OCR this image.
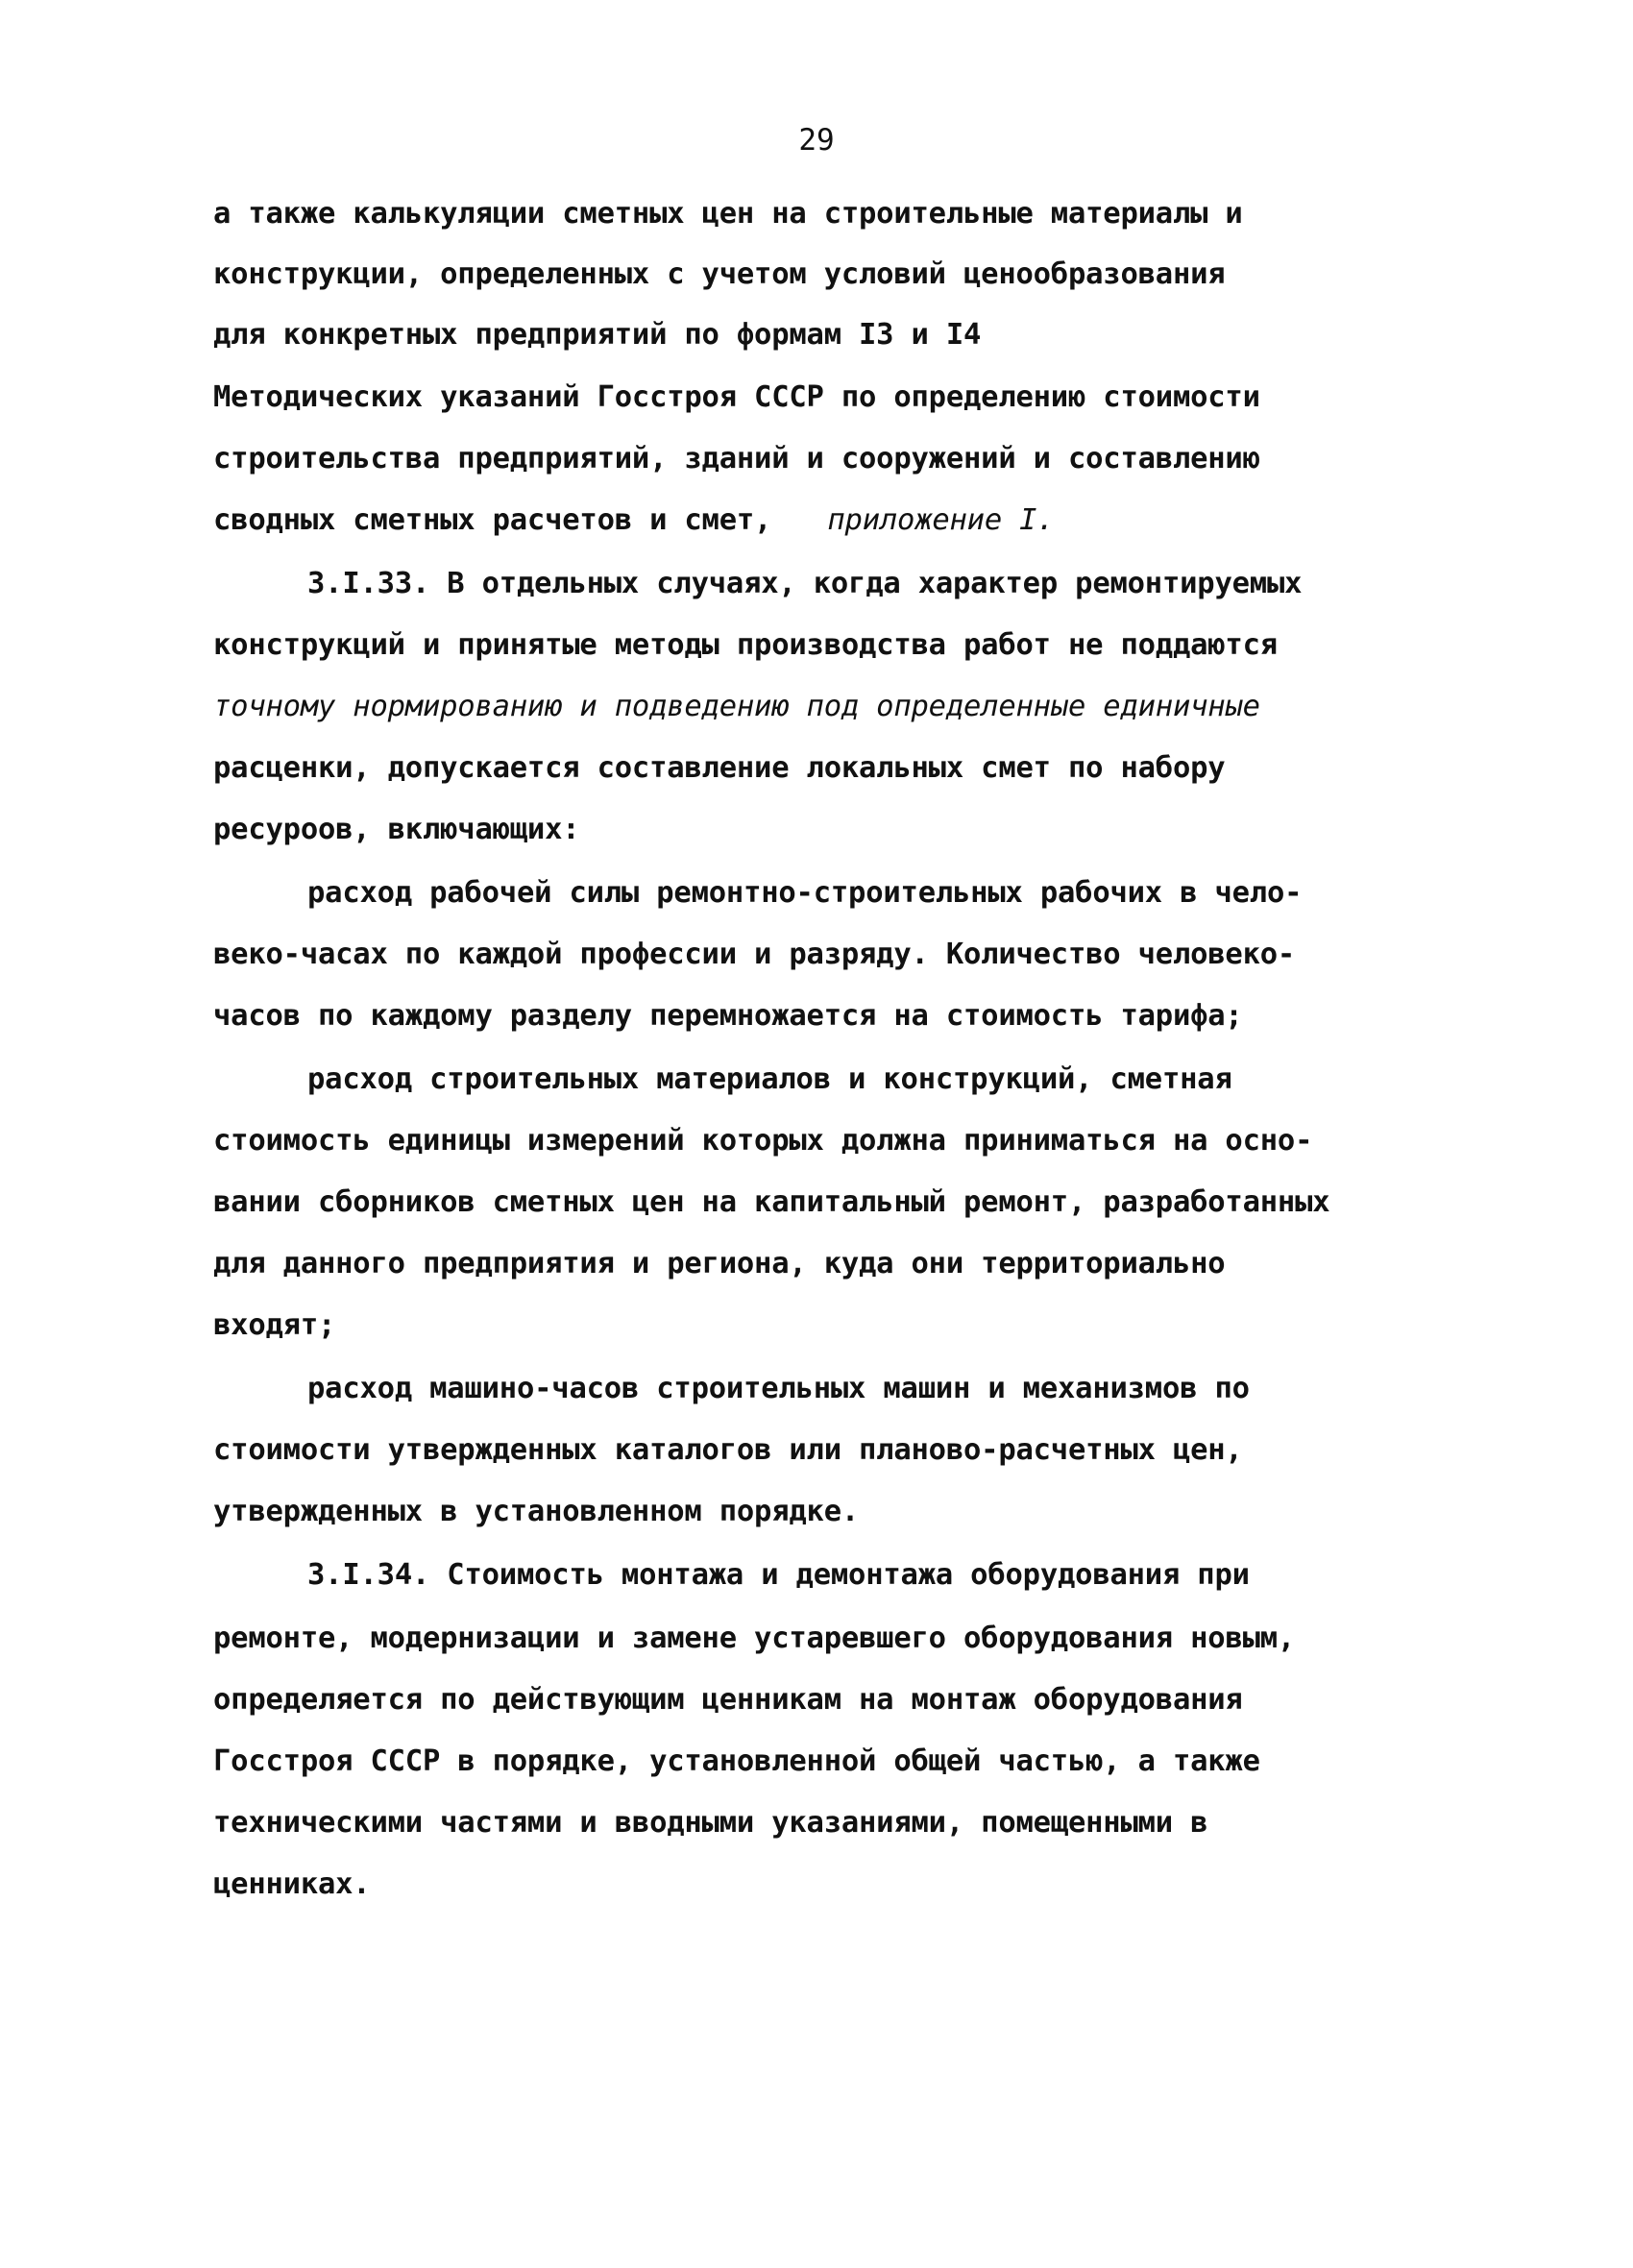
29
а также калькуляции сметных цен на строительные материалы и
конструкции, определенных с учетом условий ценообразования
для конкретных предприятий по формам I3 и I4
Методических указаний Госстроя СССР по определению стоимости
строительства предприятий, зданий и сооружений и составлению
сводных сметных расчетов и смет, приложение I.
3.I.33. В отдельных случаях, когда характер ремонтируемых
конструкций и принятые методы производства работ не поддаются
точному нормированию и подведению под определенные единичные
расценки, допускается составление локальных смет по набору
ресуроов, включающих:
расход рабочей силы ремонтно-строительных рабочих в чело-
веко-часах по каждой профессии и разряду. Количество человеко-
часов по каждому разделу перемножается на стоимость тарифа;
расход строительных материалов и конструкций, сметная
стоимость единицы измерений которых должна приниматься на осно-
вании сборников сметных цен на капитальный ремонт, разработанных
для данного предприятия и региона, куда они территориально
входят;
расход машино-часов строительных машин и механизмов по
стоимости утвержденных каталогов или планово-расчетных цен,
утвержденных в установленном порядке.
3.I.34. Стоимость монтажа и демонтажа оборудования при
ремонте, модернизации и замене устаревшего оборудования новым,
определяется по действующим ценникам на монтаж оборудования
Госстроя СССР в порядке, установленной общей частью, а также
техническими частями и вводными указаниями, помещенными в
ценниках.
